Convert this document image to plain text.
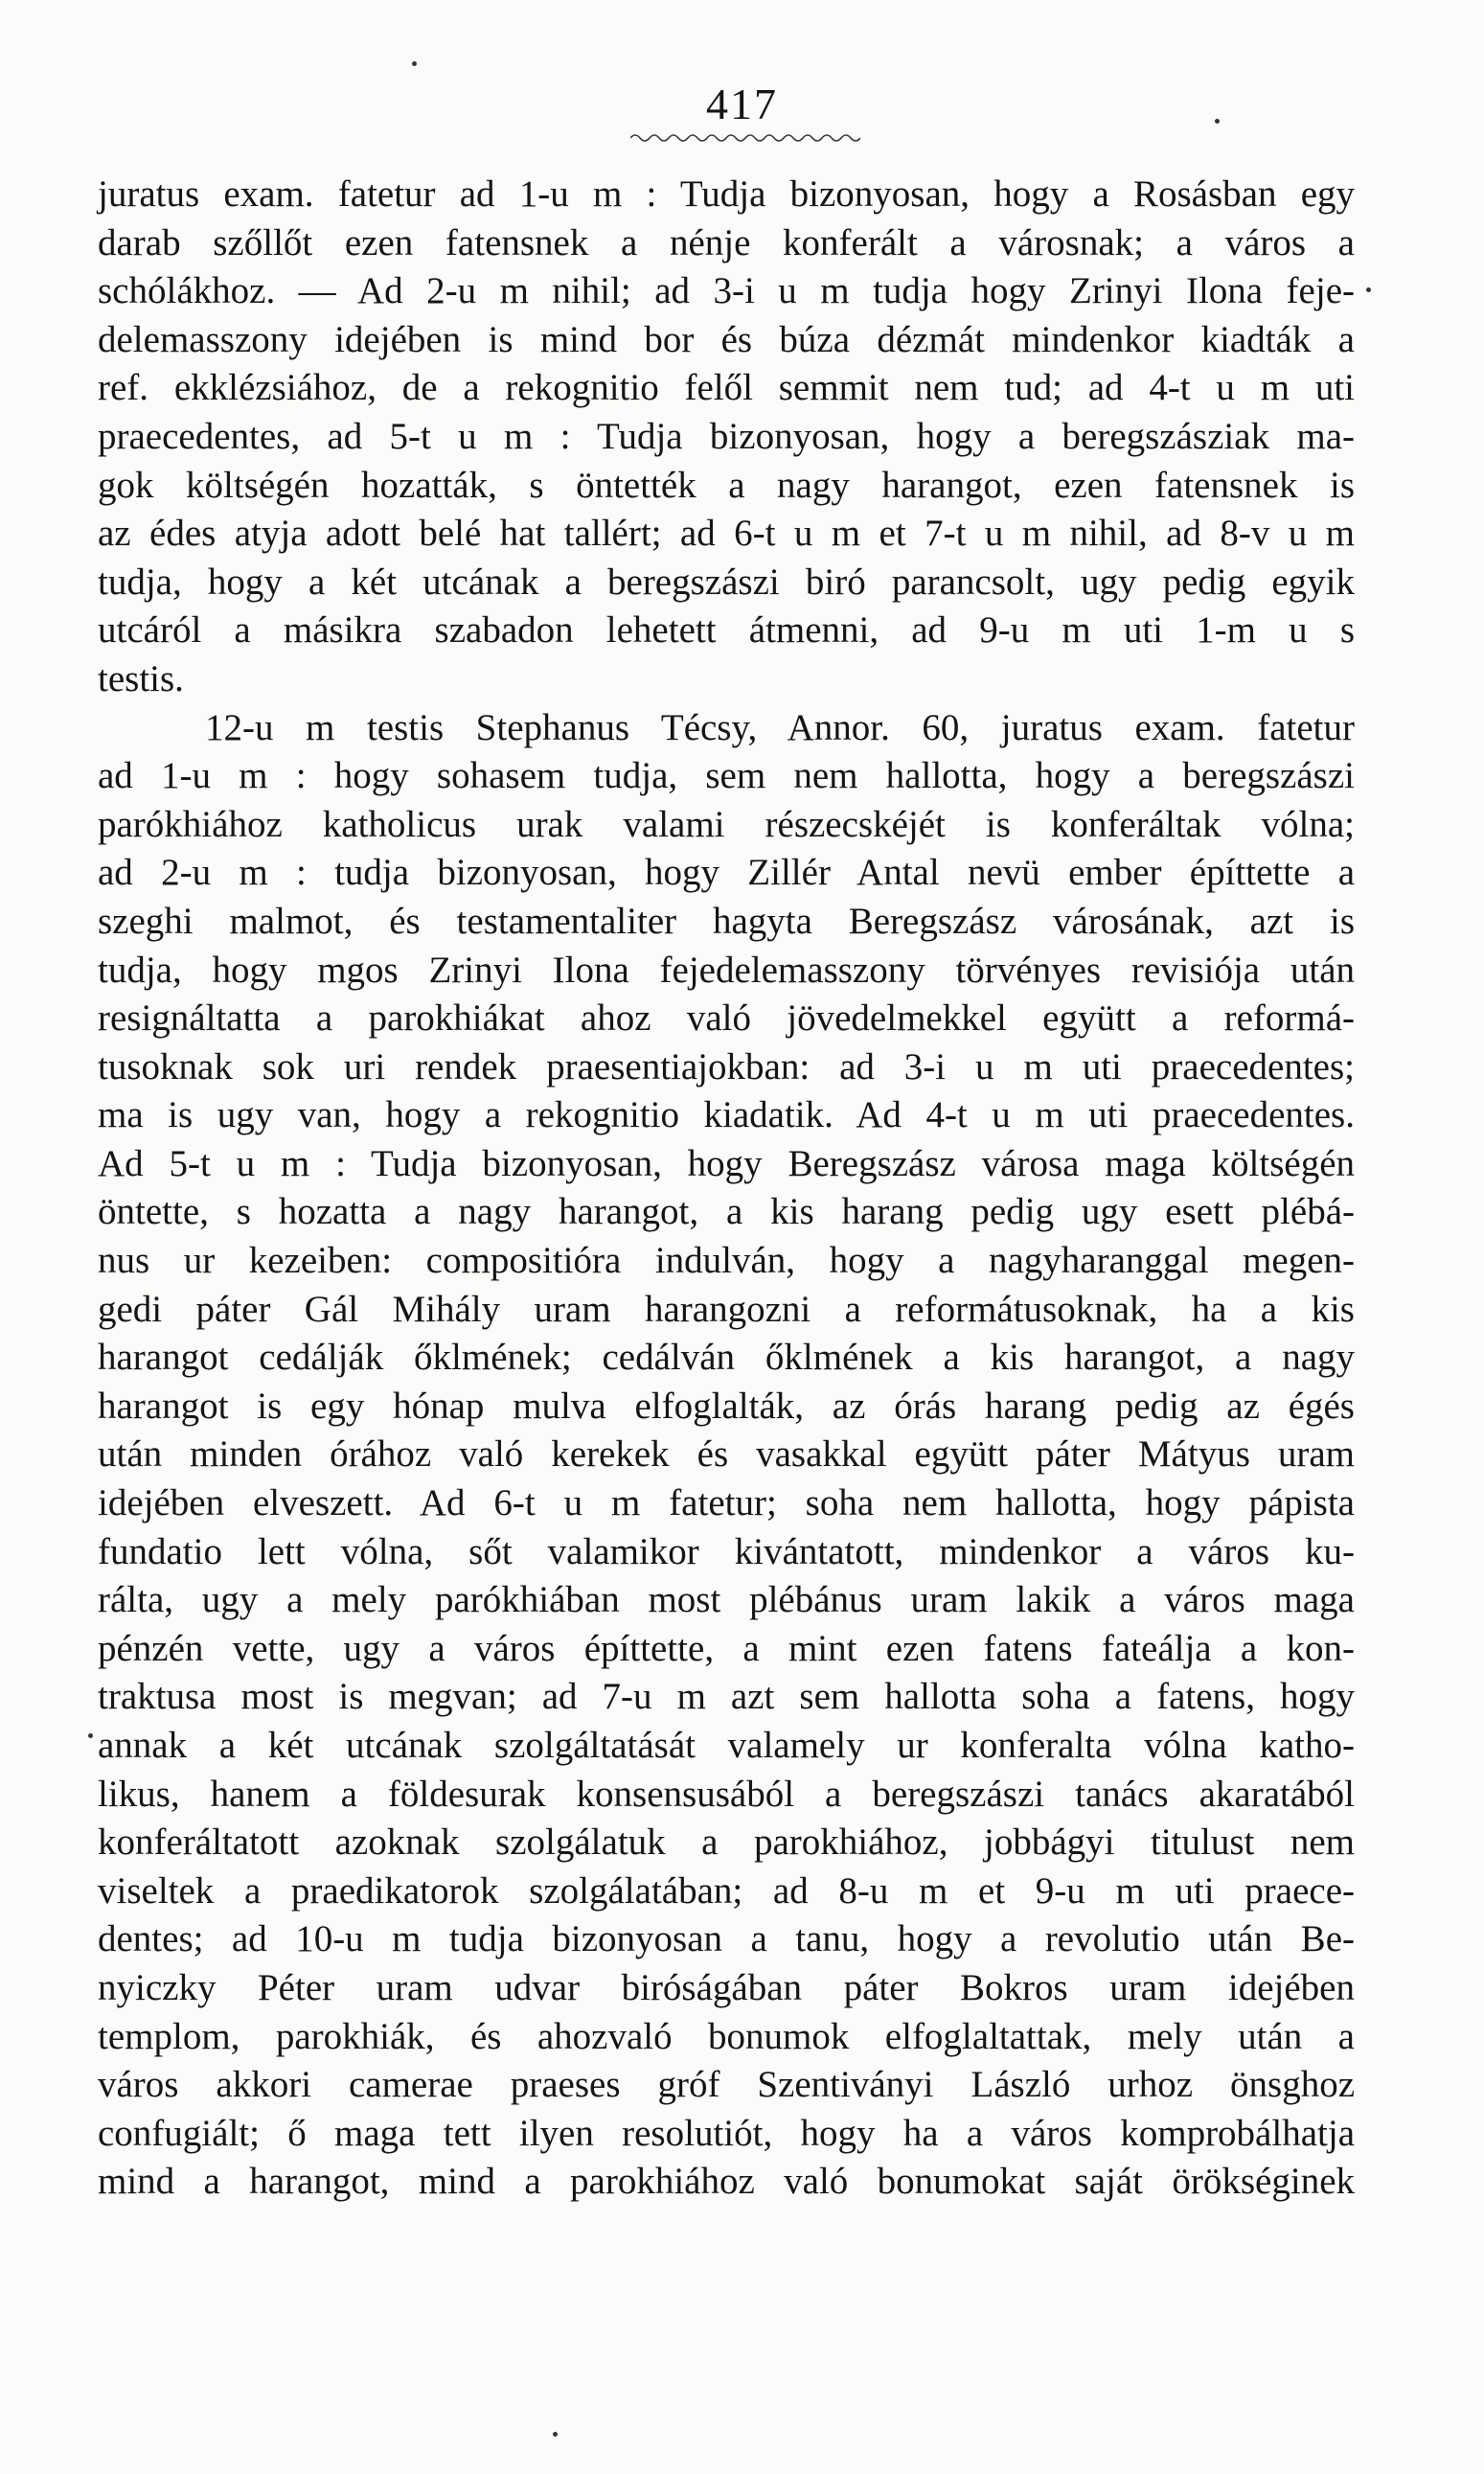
417
juratus exam. fatetur ad 1-u m : Tudja bizonyosan, hogy a Rosásban egy
darab szőllőt ezen fatensnek a nénje konferált a városnak; a város a
schólákhoz. — Ad 2-u m nihil; ad 3-i u m tudja hogy Zrinyi Ilona feje-
delemasszony idejében is mind bor és búza dézmát mindenkor kiadták a
ref. ekklézsiához, de a rekognitio felől semmit nem tud; ad 4-t u m uti
praecedentes, ad 5-t u m : Tudja bizonyosan, hogy a beregszásziak ma-
gok költségén hozatták, s öntették a nagy harangot, ezen fatensnek is
az édes atyja adott belé hat tallért; ad 6-t u m et 7-t u m nihil, ad 8-v u m
tudja, hogy a két utcának a beregszászi biró parancsolt, ugy pedig egyik
utcáról a másikra szabadon lehetett átmenni, ad 9-u m uti 1-m u s
testis.
12-u m testis Stephanus Técsy, Annor. 60, juratus exam. fatetur
ad 1-u m : hogy sohasem tudja, sem nem hallotta, hogy a beregszászi
parókhiához katholicus urak valami részecskéjét is konferáltak vólna;
ad 2-u m : tudja bizonyosan, hogy Zillér Antal nevü ember építtette a
szeghi malmot, és testamentaliter hagyta Beregszász városának, azt is
tudja, hogy mgos Zrinyi Ilona fejedelemasszony törvényes revisiója után
resignáltatta a parokhiákat ahoz való jövedelmekkel együtt a reformá-
tusoknak sok uri rendek praesentiajokban: ad 3-i u m uti praecedentes;
ma is ugy van, hogy a rekognitio kiadatik. Ad 4-t u m uti praecedentes.
Ad 5-t u m : Tudja bizonyosan, hogy Beregszász városa maga költségén
öntette, s hozatta a nagy harangot, a kis harang pedig ugy esett plébá-
nus ur kezeiben: compositióra indulván, hogy a nagyharanggal megen-
gedi páter Gál Mihály uram harangozni a reformátusoknak, ha a kis
harangot cedálják őklmének; cedálván őklmének a kis harangot, a nagy
harangot is egy hónap mulva elfoglalták, az órás harang pedig az égés
után minden órához való kerekek és vasakkal együtt páter Mátyus uram
idejében elveszett. Ad 6-t u m fatetur; soha nem hallotta, hogy pápista
fundatio lett vólna, sőt valamikor kivántatott, mindenkor a város ku-
rálta, ugy a mely parókhiában most plébánus uram lakik a város maga
pénzén vette, ugy a város építtette, a mint ezen fatens fateálja a kon-
traktusa most is megvan; ad 7-u m azt sem hallotta soha a fatens, hogy
annak a két utcának szolgáltatását valamely ur konferalta vólna katho-
likus, hanem a földesurak konsensusából a beregszászi tanács akaratából
konferáltatott azoknak szolgálatuk a parokhiához, jobbágyi titulust nem
viseltek a praedikatorok szolgálatában; ad 8-u m et 9-u m uti praece-
dentes; ad 10-u m tudja bizonyosan a tanu, hogy a revolutio után Be-
nyiczky Péter uram udvar biróságában páter Bokros uram idejében
templom, parokhiák, és ahozvaló bonumok elfoglaltattak, mely után a
város akkori camerae praeses gróf Szentiványi László urhoz önsghoz
confugiált; ő maga tett ilyen resolutiót, hogy ha a város komprobálhatja
mind a harangot, mind a parokhiához való bonumokat saját örökséginek
